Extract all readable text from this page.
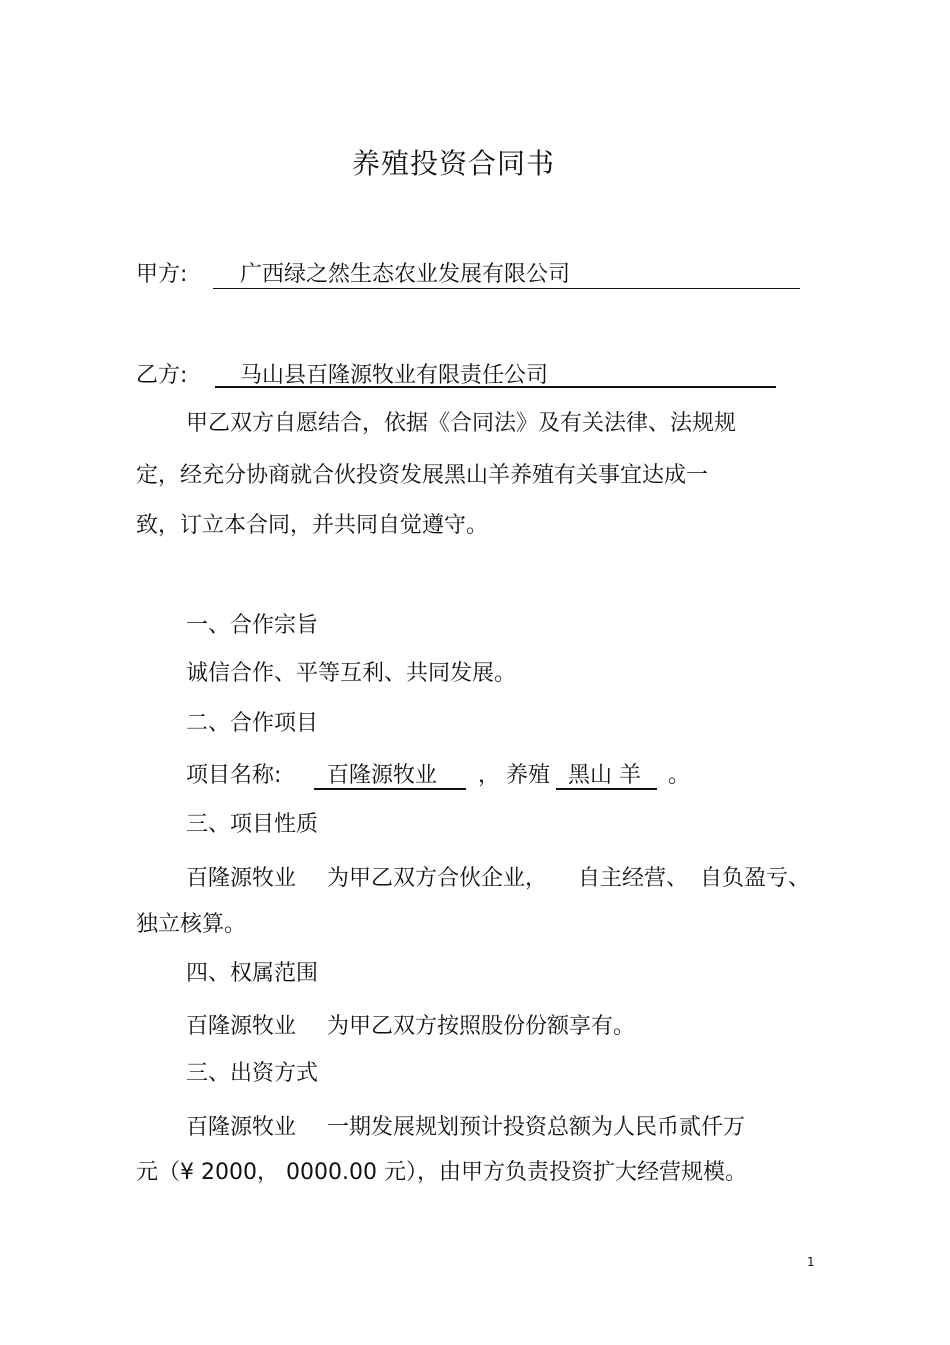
养殖投资合同书
甲方: 广西绿之然生态农业发展有限公司
乙方: 马山县百隆源牧业有限责任公司
甲乙双方自愿结合，依据《合同法》及有关法律、法规规
定，经充分协商就合伙投资发展黑山羊养殖有关事宜达成一
致，订立本合同，并共同自觉遵守。
一、合作宗旨
诚信合作、平等互利、共同发展。
二、合作项目
项目名称: 百隆源牧业 ， 养殖 黑山 羊 。
三、项目性质
百隆源牧业 为甲乙双方合伙企业， 自主经营、 自负盈亏、
独立核算。
四、权属范围
百隆源牧业 为甲乙双方按照股份份额享有。
三、出资方式
百隆源牧业 一期发展规划预计投资总额为人民币贰仟万
元（¥ 2000， 0000.00 元），由甲方负责投资扩大经营规模。
1
